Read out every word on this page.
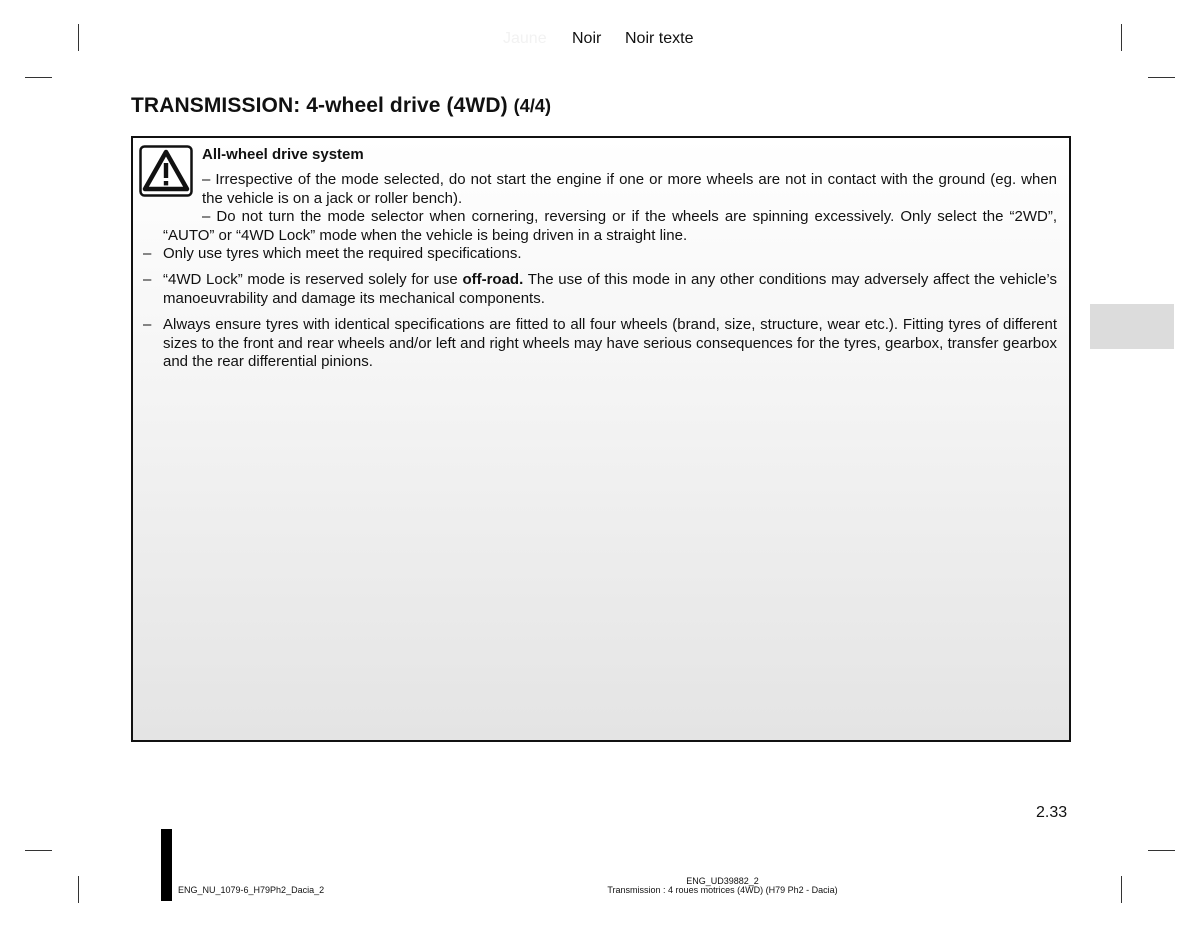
Jaune Noir Noir texte
TRANSMISSION: 4-wheel drive (4WD) (4/4)
All-wheel drive system
– Irrespective of the mode selected, do not start the engine if one or more wheels are not in contact with the ground (eg. when the vehicle is on a jack or roller bench).
– Do not turn the mode selector when cornering, reversing or if the wheels are spinning excessively. Only select the “2WD”, “AUTO” or “4WD Lock” mode when the vehicle is being driven in a straight line.
– Only use tyres which meet the required specifications.
– “4WD Lock” mode is reserved solely for use off-road. The use of this mode in any other conditions may adversely affect the vehicle’s manoeuvrability and damage its mechanical components.
– Always ensure tyres with identical specifications are fitted to all four wheels (brand, size, structure, wear etc.). Fitting tyres of different sizes to the front and rear wheels and/or left and right wheels may have serious consequences for the tyres, gearbox, transfer gearbox and the rear differential pinions.
2.33
ENG_NU_1079-6_H79Ph2_Dacia_2
ENG_UD39882_2
Transmission : 4 roues motrices (4WD) (H79 Ph2 - Dacia)
